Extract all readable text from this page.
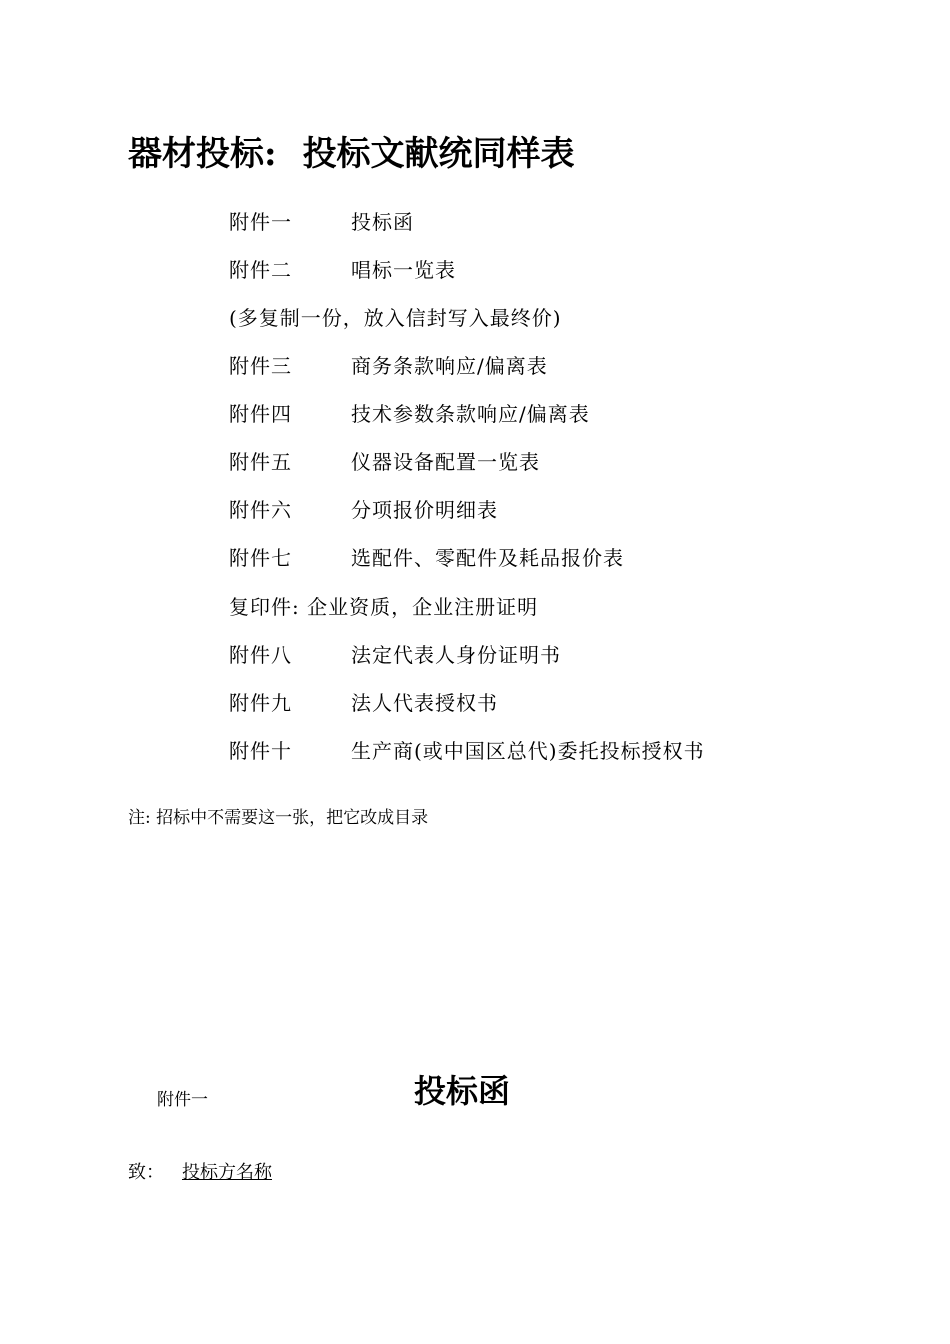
器材投标: 投标文献统同样表
附件一	投标函
附件二	唱标一览表
(多复制一份，放入信封写入最终价)
附件三	商务条款响应/偏离表
附件四	技术参数条款响应/偏离表
附件五	仪器设备配置一览表
附件六	分项报价明细表
附件七	选配件、零配件及耗品报价表
复印件: 企业资质，企业注册证明
附件八	法定代表人身份证明书
附件九	法人代表授权书
附件十	生产商(或中国区总代)委托投标授权书
注: 招标中不需要这一张，把它改成目录
附件一	投标函
致： 投标方名称
